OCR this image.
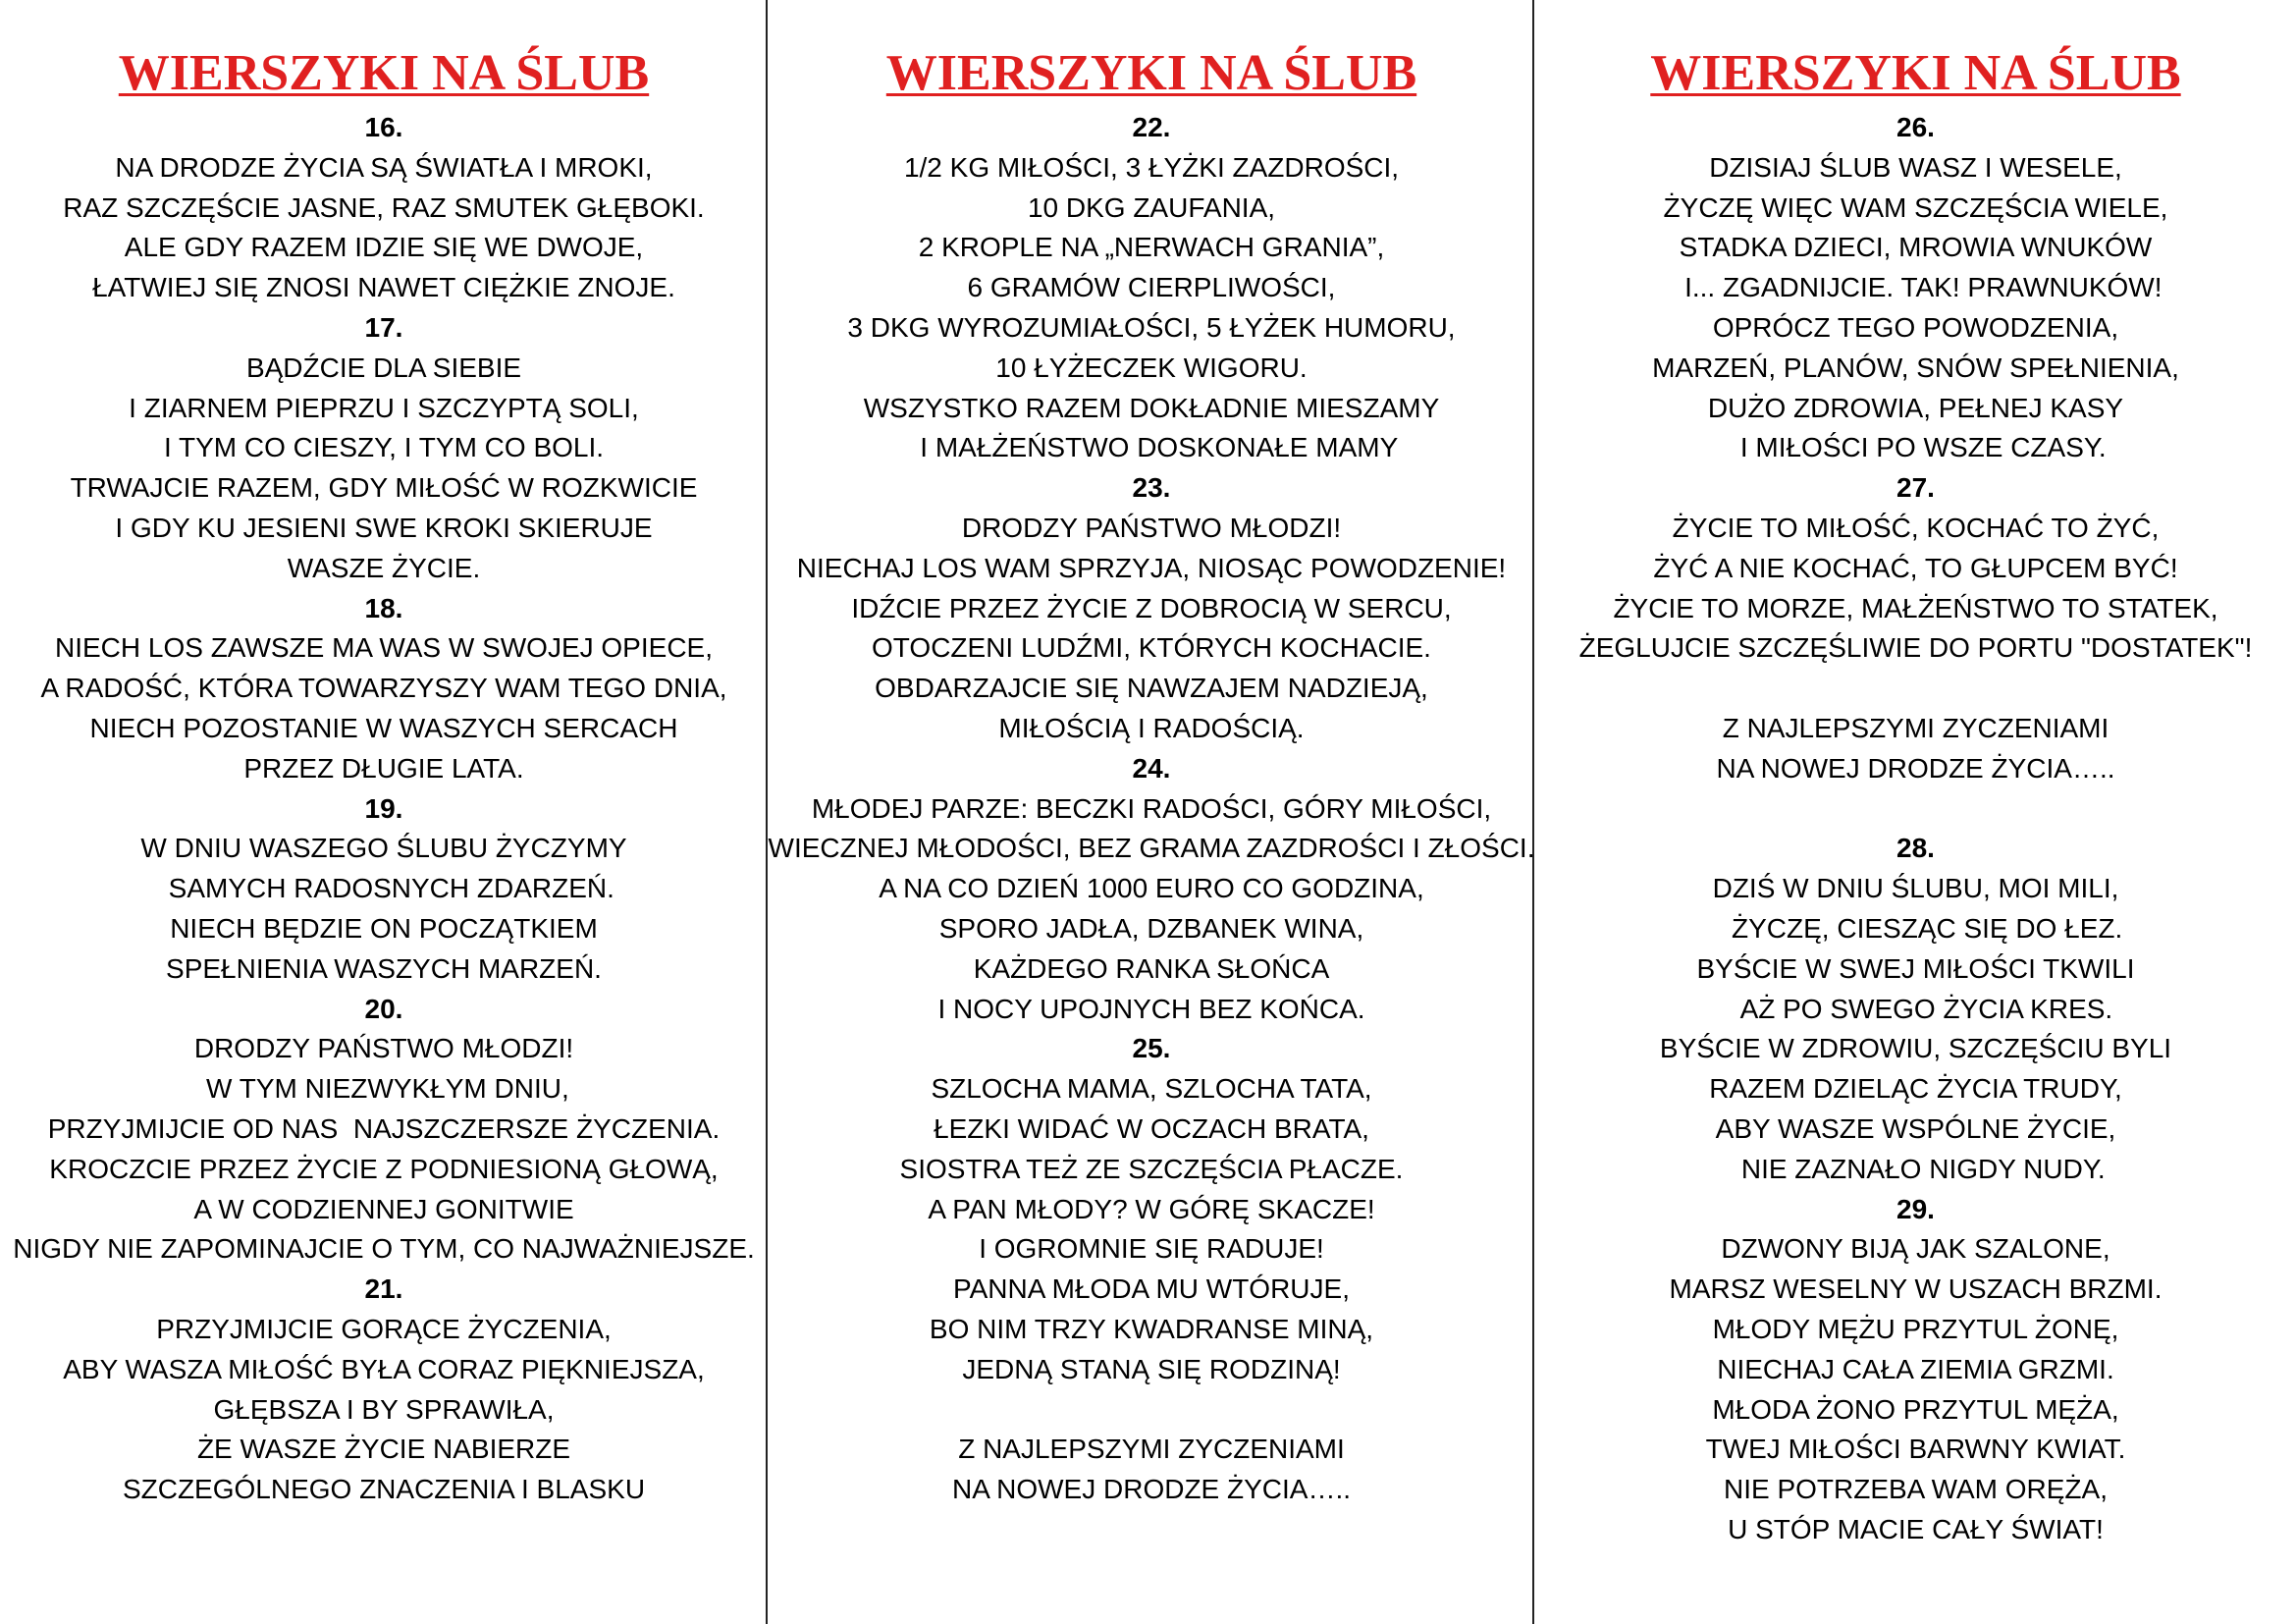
WIERSZYKI NA ŚLUB
16.
NA DRODZE ŻYCIA SĄ ŚWIATŁA I MROKI,
RAZ SZCZĘŚCIE JASNE, RAZ SMUTEK GŁĘBOKI.
ALE GDY RAZEM IDZIE SIĘ WE DWOJE,
ŁATWIEJ SIĘ ZNOSI NAWET CIĘŻKIE ZNOJE.
17.
BĄDŹCIE DLA SIEBIE
I ZIARNEM PIEPRZU I SZCZYPTĄ SOLI,
I TYM CO CIESZY, I TYM CO BOLI.
TRWAJCIE RAZEM, GDY MIŁOŚĆ W ROZKWICIE
I GDY KU JESIENI SWE KROKI SKIERUJE
WASZE ŻYCIE.
18.
NIECH LOS ZAWSZE MA WAS W SWOJEJ OPIECE,
A RADOŚĆ, KTÓRA TOWARZYSZY WAM TEGO DNIA,
NIECH POZOSTANIE W WASZYCH SERCACH
PRZEZ DŁUGIE LATA.
19.
W DNIU WASZEGO ŚLUBU ŻYCZYMY
SAMYCH RADOSNYCH ZDARZEŃ.
NIECH BĘDZIE ON POCZĄTKIEM
SPEŁNIENIA WASZYCH MARZEŃ.
20.
DRODZY PAŃSTWO MŁODZI!
W TYM NIEZWYKŁYM DNIU,
PRZYJMIJCIE OD NAS  NAJSZCZERSZE ŻYCZENIA.
KROCZCIE PRZEZ ŻYCIE Z PODNIESIONĄ GŁOWĄ,
A W CODZIENNEJ GONITWIE
NIGDY NIE ZAPOMINAJCIE O TYM, CO NAJWAŻNIEJSZE.
21.
PRZYJMIJCIE GORĄCE ŻYCZENIA,
ABY WASZA MIŁOŚĆ BYŁA CORAZ PIĘKNIEJSZA,
GŁĘBSZA I BY SPRAWIŁA,
ŻE WASZE ŻYCIE NABIERZE
SZCZEGÓLNEGO ZNACZENIA I BLASKU
WIERSZYKI NA ŚLUB
22.
1/2 KG MIŁOŚCI, 3 ŁYŻKI ZAZDROŚCI,
10 DKG ZAUFANIA,
2 KROPLE NA „NERWACH GRANIA”,
6 GRAMÓW CIERPLIWOŚCI,
3 DKG WYROZUMIAŁOŚCI, 5 ŁYŻEK HUMORU,
10 ŁYŻECZEK WIGORU.
WSZYSTKO RAZEM DOKŁADNIE MIESZAMY
I MAŁŻEŃSTWO DOSKONAŁE MAMY
23.
DRODZY PAŃSTWO MŁODZI!
NIECHAJ LOS WAM SPRZYJA, NIOSĄC POWODZENIE!
IDŹCIE PRZEZ ŻYCIE Z DOBROCIĄ W SERCU,
OTOCZENI LUDŹMI, KTÓRYCH KOCHACIE.
OBDARZAJCIE SIĘ NAWZAJEM NADZIEJĄ,
MIŁOŚCIĄ I RADOŚCIĄ.
24.
MŁODEJ PARZE: BECZKI RADOŚCI, GÓRY MIŁOŚCI,
WIECZNEJ MŁODOŚCI, BEZ GRAMA ZAZDROŚCI I ZŁOŚCI.
A NA CO DZIEŃ 1000 EURO CO GODZINA,
SPORO JADŁA, DZBANEK WINA,
KAŻDEGO RANKA SŁOŃCA
I NOCY UPOJNYCH BEZ KOŃCA.
25.
SZLOCHA MAMA, SZLOCHA TATA,
ŁEZKI WIDAĆ W OCZACH BRATA,
SIOSTRA TEŻ ZE SZCZĘŚCIA PŁACZE.
A PAN MŁODY? W GÓRĘ SKACZE!
I OGROMNIE SIĘ RADUJE!
PANNA MŁODA MU WTÓRUJE,
BO NIM TRZY KWADRANSE MINĄ,
JEDNĄ STANĄ SIĘ RODZINĄ!
Z NAJLEPSZYMI ZYCZENIAMI
NA NOWEJ DRODZE ŻYCIA…..
WIERSZYKI NA ŚLUB
26.
DZISIAJ ŚLUB WASZ I WESELE,
ŻYCZĘ WIĘC WAM SZCZĘŚCIA WIELE,
STADKA DZIECI, MROWIA WNUKÓW
I... ZGADNIJCIE. TAK! PRAWNUKÓW!
OPRÓCZ TEGO POWODZENIA,
MARZEŃ, PLANÓW, SNÓW SPEŁNIENIA,
DUŻO ZDROWIA, PEŁNEJ KASY
I MIŁOŚCI PO WSZE CZASY.
27.
ŻYCIE TO MIŁOŚĆ, KOCHAĆ TO ŻYĆ,
ŻYĆ A NIE KOCHAĆ, TO GŁUPCEM BYĆ!
ŻYCIE TO MORZE, MAŁŻEŃSTWO TO STATEK,
ŻEGLUJCIE SZCZĘŚLIWIE DO PORTU "DOSTATEK"!
Z NAJLEPSZYMI ZYCZENIAMI
NA NOWEJ DRODZE ŻYCIA…..
28.
DZIŚ W DNIU ŚLUBU, MOI MILI,
ŻYCZĘ, CIESZĄC SIĘ DO ŁEZ.
BYŚCIE W SWEJ MIŁOŚCI TKWILI
AŻ PO SWEGO ŻYCIA KRES.
BYŚCIE W ZDROWIU, SZCZĘŚCIU BYLI
RAZEM DZIELĄC ŻYCIA TRUDY,
ABY WASZE WSPÓLNE ŻYCIE,
NIE ZAZNAŁO NIGDY NUDY.
29.
DZWONY BIJĄ JAK SZALONE,
MARSZ WESELNY W USZACH BRZMI.
MŁODY MĘŻU PRZYTUL ŻONĘ,
NIECHAJ CAŁA ZIEMIA GRZMI.
MŁODA ŻONO PRZYTUL MĘŻA,
TWEJ MIŁOŚCI BARWNY KWIAT.
NIE POTRZEBA WAM ORĘŻA,
U STÓP MACIE CAŁY ŚWIAT!
